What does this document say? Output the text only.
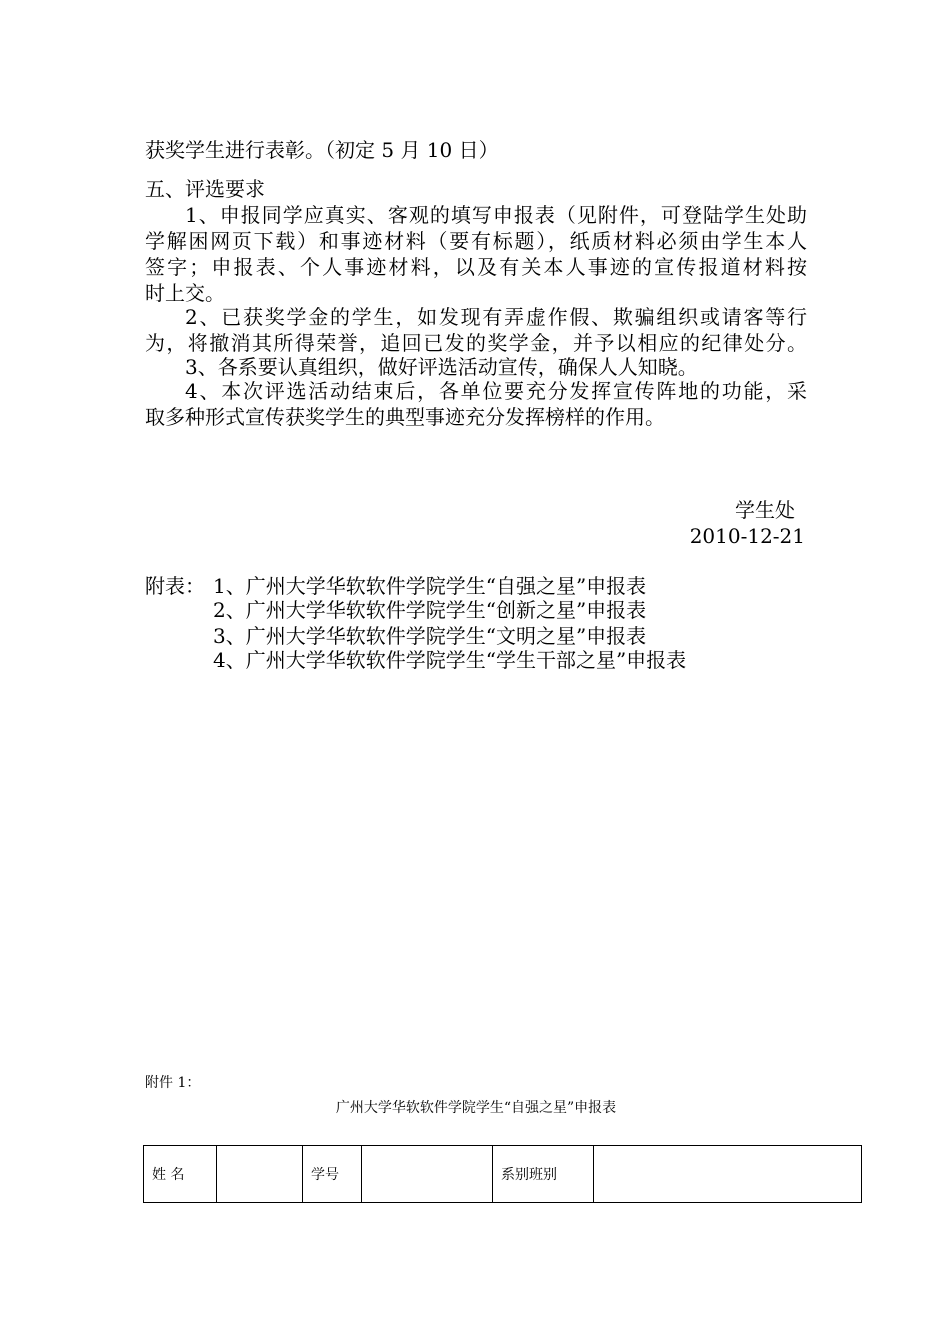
获奖学生进行表彰。（初定 5 月 10 日）
五、评选要求
1、申报同学应真实、客观的填写申报表（见附件，可登陆学生处助
学解困网页下载）和事迹材料（要有标题），纸质材料必须由学生本人
签字；申报表、个人事迹材料，以及有关本人事迹的宣传报道材料按
时上交。
2、已获奖学金的学生，如发现有弄虚作假、欺骗组织或请客等行
为，将撤消其所得荣誉，追回已发的奖学金，并予以相应的纪律处分。
3、各系要认真组织，做好评选活动宣传，确保人人知晓。
4、本次评选活动结束后，各单位要充分发挥宣传阵地的功能，采
取多种形式宣传获奖学生的典型事迹充分发挥榜样的作用。
学生处
2010-12-21
附表： 1、广州大学华软软件学院学生“自强之星”申报表
2、广州大学华软软件学院学生“创新之星”申报表
3、广州大学华软软件学院学生“文明之星”申报表
4、广州大学华软软件学院学生“学生干部之星”申报表
附件 1：
广州大学华软软件学院学生“自强之星”申报表
姓 名		学号		系别班别	
